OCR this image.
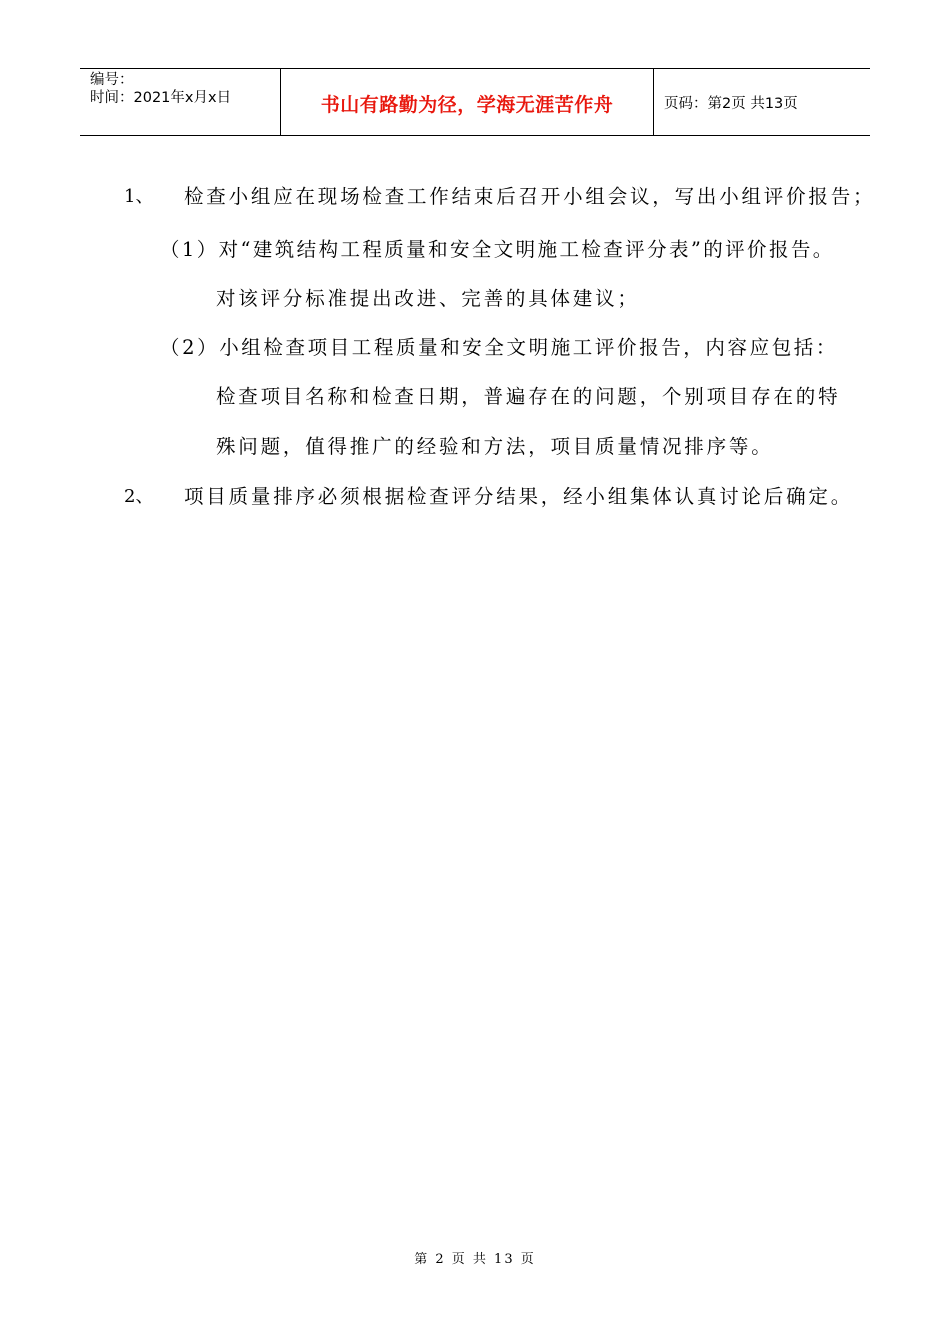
编号：
时间：2021年x月x日	书山有路勤为径，学海无涯苦作舟	页码：第2页 共13页
1、 检查小组应在现场检查工作结束后召开小组会议，写出小组评价报告；
（1）对“建筑结构工程质量和安全文明施工检查评分表”的评价报告。
对该评分标准提出改进、完善的具体建议；
（2）小组检查项目工程质量和安全文明施工评价报告，内容应包括：
检查项目名称和检查日期，普遍存在的问题，个别项目存在的特
殊问题，值得推广的经验和方法，项目质量情况排序等。
2、 项目质量排序必须根据检查评分结果，经小组集体认真讨论后确定。
第 2 页 共 13 页
